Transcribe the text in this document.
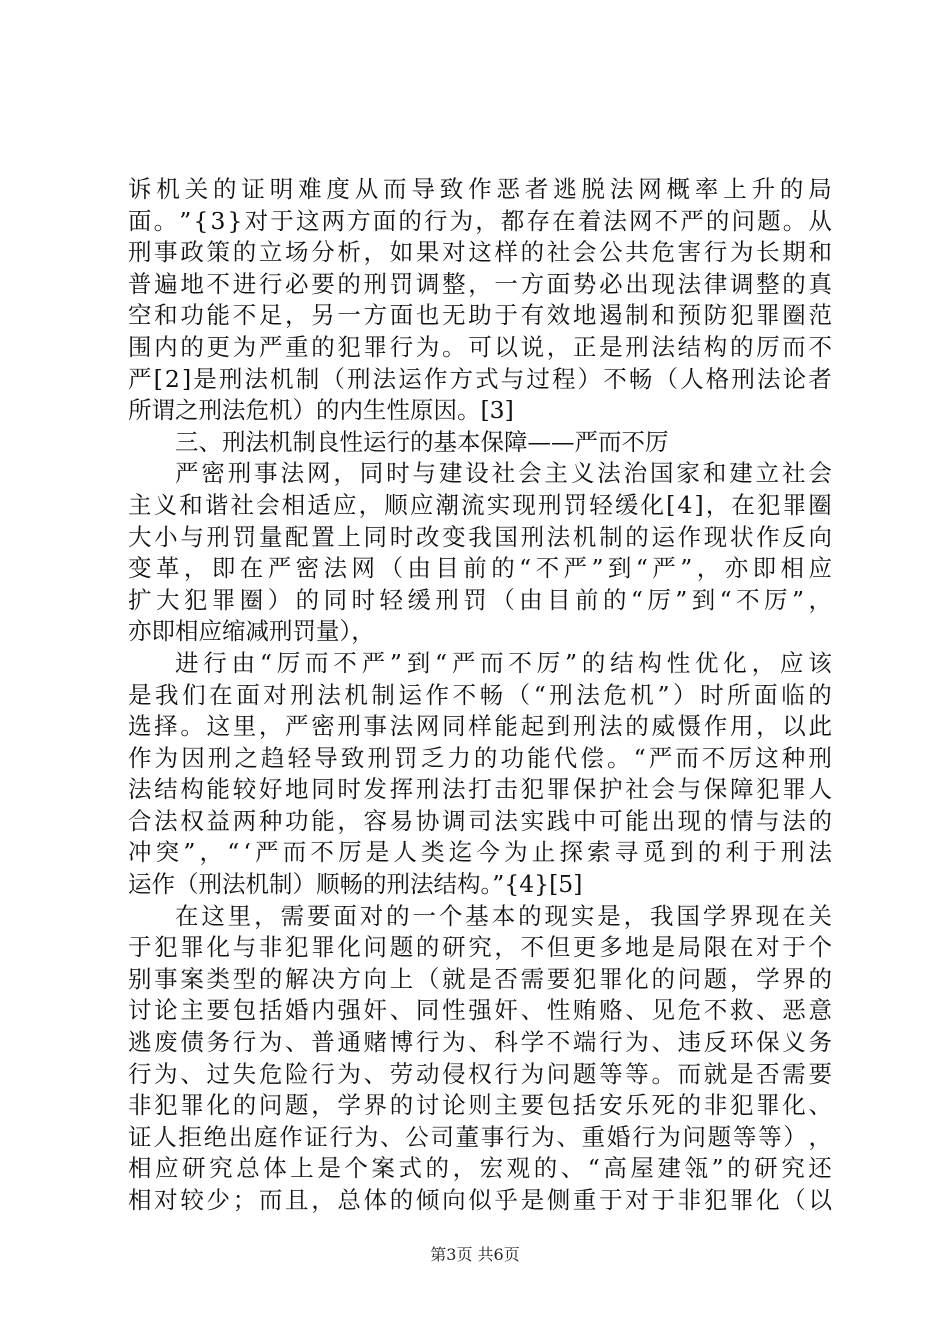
诉 机 关 的 证 明 难 度 从 而 导 致 作 恶 者 逃 脱 法 网 概 率 上 升 的 局
面 。 ” { 3 } 对 于 这 两 方 面 的 行 为 ， 都 存 在 着 法 网 不 严 的 问 题 。 从
刑 事 政 策 的 立 场 分 析 ， 如 果 对 这 样 的 社 会 公 共 危 害 行 为 长 期 和
普 遍 地 不 进 行 必 要 的 刑 罚 调 整 ， 一 方 面 势 必 出 现 法 律 调 整 的 真
空 和 功 能 不 足 ， 另 一 方 面 也 无 助 于 有 效 地 遏 制 和 预 防 犯 罪 圈 范
围 内 的 更 为 严 重 的 犯 罪 行 为 。 可 以 说 ， 正 是 刑 法 结 构 的 厉 而 不
严 [ 2 ] 是 刑 法 机 制 （ 刑 法 运 作 方 式 与 过 程 ） 不 畅 （ 人 格 刑 法 论 者
所谓之刑法危机）的内生性原因。[3]
三、刑法机制良性运行的基本保障——严而不厉
严 密 刑 事 法 网 ， 同 时 与 建 设 社 会 主 义 法 治 国 家 和 建 立 社 会
主 义 和 谐 社 会 相 适 应 ， 顺 应 潮 流 实 现 刑 罚 轻 缓 化 [ 4 ] ， 在 犯 罪 圈
大 小 与 刑 罚 量 配 置 上 同 时 改 变 我 国 刑 法 机 制 的 运 作 现 状 作 反 向
变 革 ， 即 在 严 密 法 网 （ 由 目 前 的 “ 不 严 ” 到 “ 严 ” ， 亦 即 相 应
扩 大 犯 罪 圈 ） 的 同 时 轻 缓 刑 罚 （ 由 目 前 的 “ 厉 ” 到 “ 不 厉 ” ，
亦即相应缩减刑罚量），
进 行 由 “ 厉 而 不 严 ” 到 “ 严 而 不 厉 ” 的 结 构 性 优 化 ， 应 该
是 我 们 在 面 对 刑 法 机 制 运 作 不 畅 （ “ 刑 法 危 机 ” ） 时 所 面 临 的
选 择 。 这 里 ， 严 密 刑 事 法 网 同 样 能 起 到 刑 法 的 威 慑 作 用 ， 以 此
作 为 因 刑 之 趋 轻 导 致 刑 罚 乏 力 的 功 能 代 偿 。 “ 严 而 不 厉 这 种 刑
法 结 构 能 较 好 地 同 时 发 挥 刑 法 打 击 犯 罪 保 护 社 会 与 保 障 犯 罪 人
合 法 权 益 两 种 功 能 ， 容 易 协 调 司 法 实 践 中 可 能 出 现 的 情 与 法 的
冲 突 ” ， “ ‘ 严 而 不 厉 是 人 类 迄 今 为 止 探 索 寻 觅 到 的 利 于 刑 法
运作（刑法机制）顺畅的刑法结构。”{4}[5]
在 这 里 ， 需 要 面 对 的 一 个 基 本 的 现 实 是 ， 我 国 学 界 现 在 关
于 犯 罪 化 与 非 犯 罪 化 问 题 的 研 究 ， 不 但 更 多 地 是 局 限 在 对 于 个
别 事 案 类 型 的 解 决 方 向 上 （ 就 是 否 需 要 犯 罪 化 的 问 题 ， 学 界 的
讨 论 主 要 包 括 婚 内 强 奸 、 同 性 强 奸 、 性 贿 赂 、 见 危 不 救 、 恶 意
逃 废 债 务 行 为 、 普 通 赌 博 行 为 、 科 学 不 端 行 为 、 违 反 环 保 义 务
行 为 、 过 失 危 险 行 为 、 劳 动 侵 权 行 为 问 题 等 等 。 而 就 是 否 需 要
非 犯 罪 化 的 问 题 ， 学 界 的 讨 论 则 主 要 包 括 安 乐 死 的 非 犯 罪 化 、
证 人 拒 绝 出 庭 作 证 行 为 、 公 司 董 事 行 为 、 重 婚 行 为 问 题 等 等 ） ，
相 应 研 究 总 体 上 是 个 案 式 的 ， 宏 观 的 、 “ 高 屋 建 瓴 ” 的 研 究 还
相 对 较 少 ； 而 且 ， 总 体 的 倾 向 似 乎 是 侧 重 于 对 于 非 犯 罪 化 （ 以
第3页 共6页
